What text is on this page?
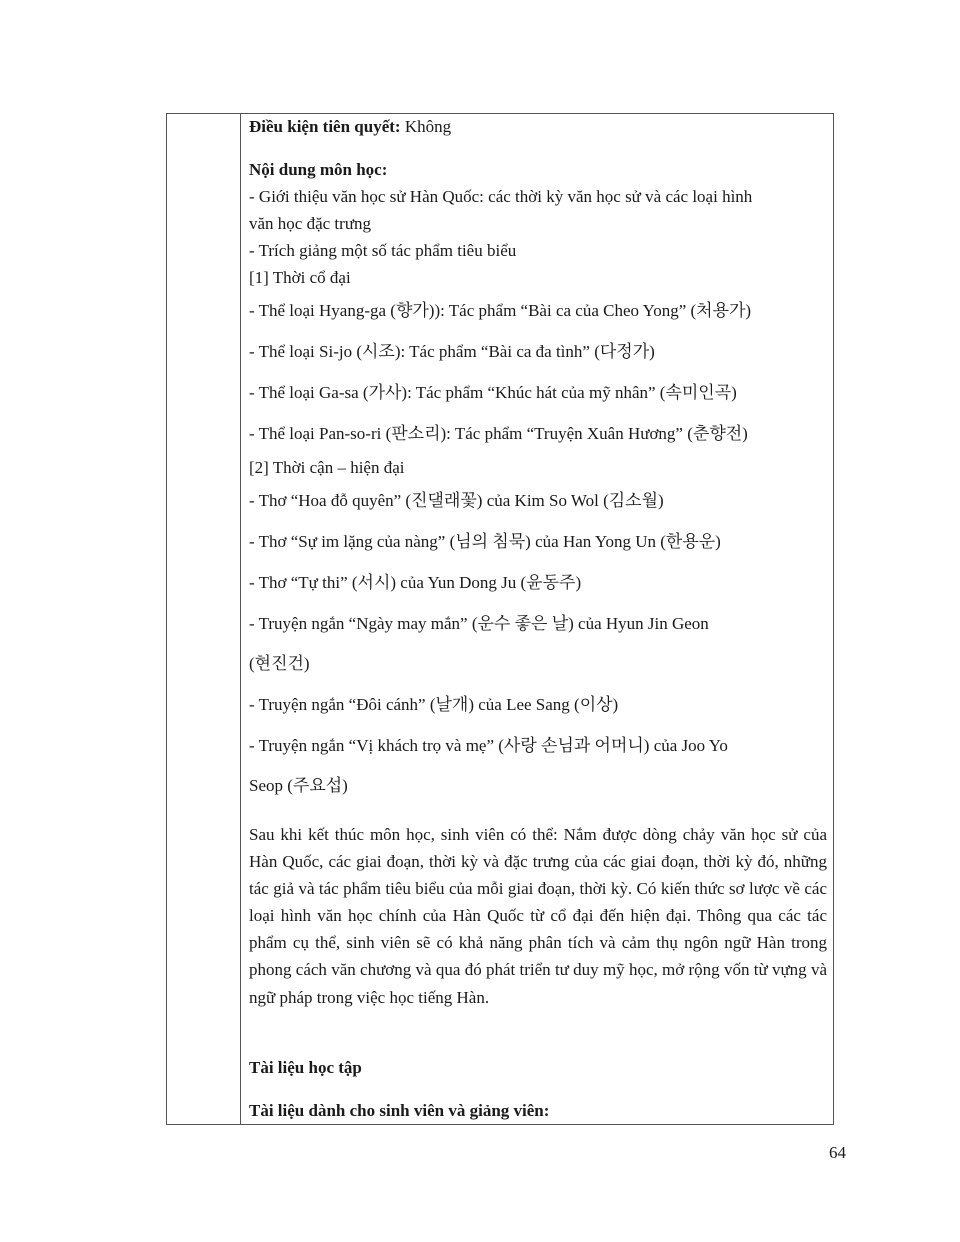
Điều kiện tiên quyết: Không
Nội dung môn học:
- Giới thiệu văn học sử Hàn Quốc: các thời kỳ văn học sử và các loại hình
văn học đặc trưng
- Trích giảng một số tác phẩm tiêu biểu
[1] Thời cổ đại
- Thể loại Hyang-ga (향가)): Tác phẩm “Bài ca của Cheo Yong” (처용가)
- Thể loại Si-jo (시조): Tác phẩm “Bài ca đa tình” (다정가)
- Thể loại Ga-sa (가사): Tác phẩm “Khúc hát của mỹ nhân” (속미인곡)
- Thể loại Pan-so-ri (판소리): Tác phẩm “Truyện Xuân Hương” (춘향전)
[2] Thời cận – hiện đại
- Thơ “Hoa đỗ quyên” (진댈래꽃) của Kim So Wol (김소월)
- Thơ “Sự im lặng của nàng” (님의 침묵) của Han Yong Un (한용운)
- Thơ “Tự thi” (서시) của Yun Dong Ju (윤동주)
- Truyện ngắn “Ngày may mắn” (운수 좋은 날) của Hyun Jin Geon
(현진건)
- Truyện ngắn “Đôi cánh” (날개) của Lee Sang (이상)
- Truyện ngắn “Vị khách trọ và mẹ” (사랑 손님과 어머니) của Joo Yo
Seop (주요섭)
Sau khi kết thúc môn học, sinh viên có thể: Nắm được dòng chảy văn học sử của Hàn Quốc, các giai đoạn, thời kỳ và đặc trưng của các giai đoạn, thời kỳ đó, những tác giả và tác phẩm tiêu biểu của mỗi giai đoạn, thời kỳ. Có kiến thức sơ lược về các loại hình văn học chính của Hàn Quốc từ cổ đại đến hiện đại. Thông qua các tác phẩm cụ thể, sinh viên sẽ có khả năng phân tích và cảm thụ ngôn ngữ Hàn trong phong cách văn chương và qua đó phát triển tư duy mỹ học, mở rộng vốn từ vựng và ngữ pháp trong việc học tiếng Hàn.
Tài liệu học tập
Tài liệu dành cho sinh viên và giảng viên:
64
